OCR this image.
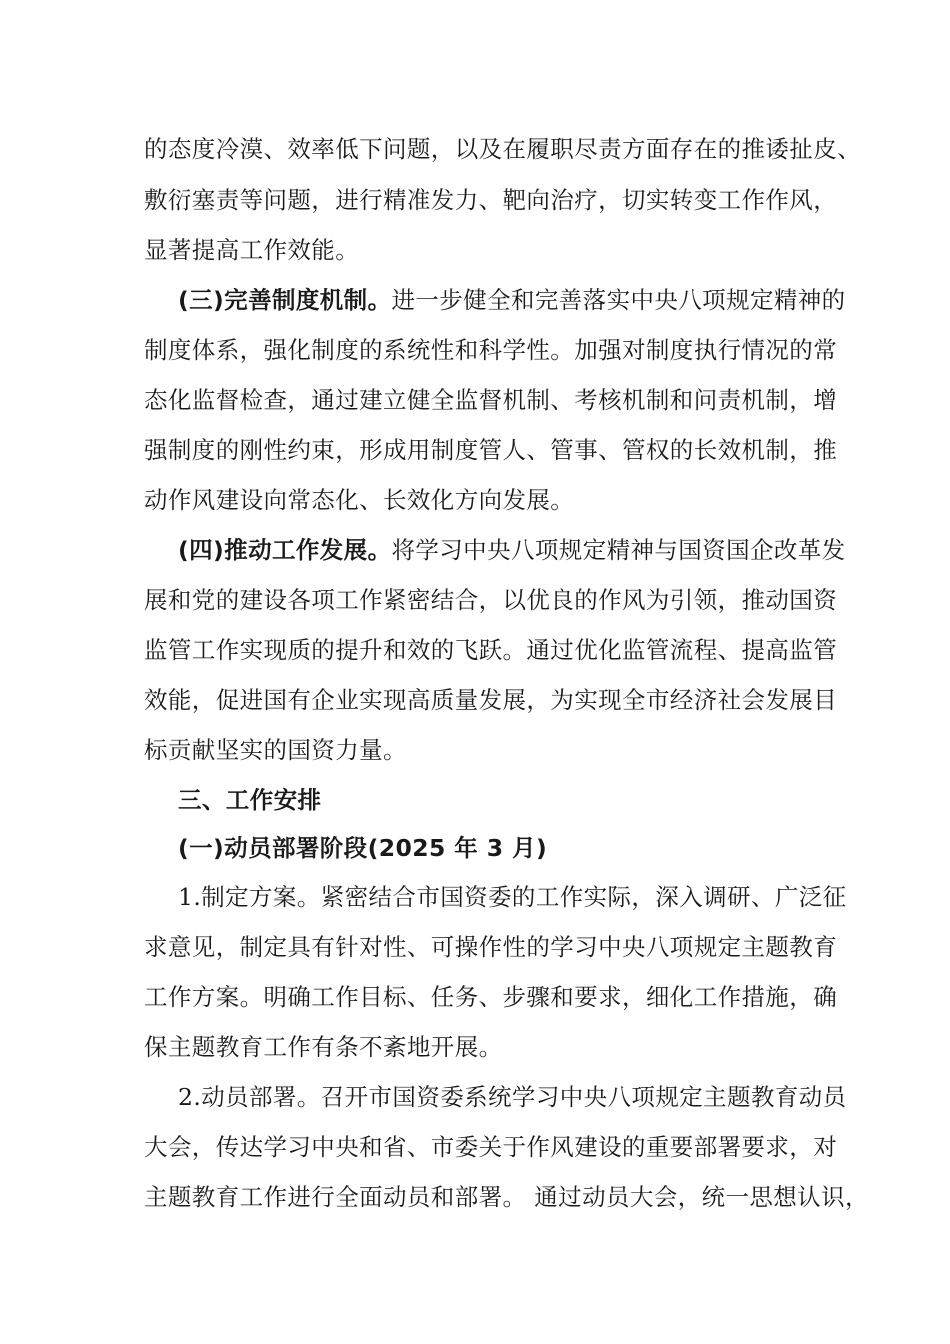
的态度冷漠、效率低下问题，以及在履职尽责方面存在的推诿扯皮、
敷衍塞责等问题，进行精准发力、靶向治疗，切实转变工作作风，
显著提高工作效能。
(三)完善制度机制。进一步健全和完善落实中央八项规定精神的
制度体系，强化制度的系统性和科学性。加强对制度执行情况的常
态化监督检查，通过建立健全监督机制、考核机制和问责机制，增
强制度的刚性约束，形成用制度管人、管事、管权的长效机制，推
动作风建设向常态化、长效化方向发展。
(四)推动工作发展。将学习中央八项规定精神与国资国企改革发
展和党的建设各项工作紧密结合，以优良的作风为引领，推动国资
监管工作实现质的提升和效的飞跃。通过优化监管流程、提高监管
效能，促进国有企业实现高质量发展，为实现全市经济社会发展目
标贡献坚实的国资力量。
三、工作安排
(一)动员部署阶段(2025 年 3 月)
1.制定方案。紧密结合市国资委的工作实际，深入调研、广泛征
求意见，制定具有针对性、可操作性的学习中央八项规定主题教育
工作方案。明确工作目标、任务、步骤和要求，细化工作措施，确
保主题教育工作有条不紊地开展。
2.动员部署。召开市国资委系统学习中央八项规定主题教育动员
大会，传达学习中央和省、市委关于作风建设的重要部署要求，对
主题教育工作进行全面动员和部署。 通过动员大会，统一思想认识，
